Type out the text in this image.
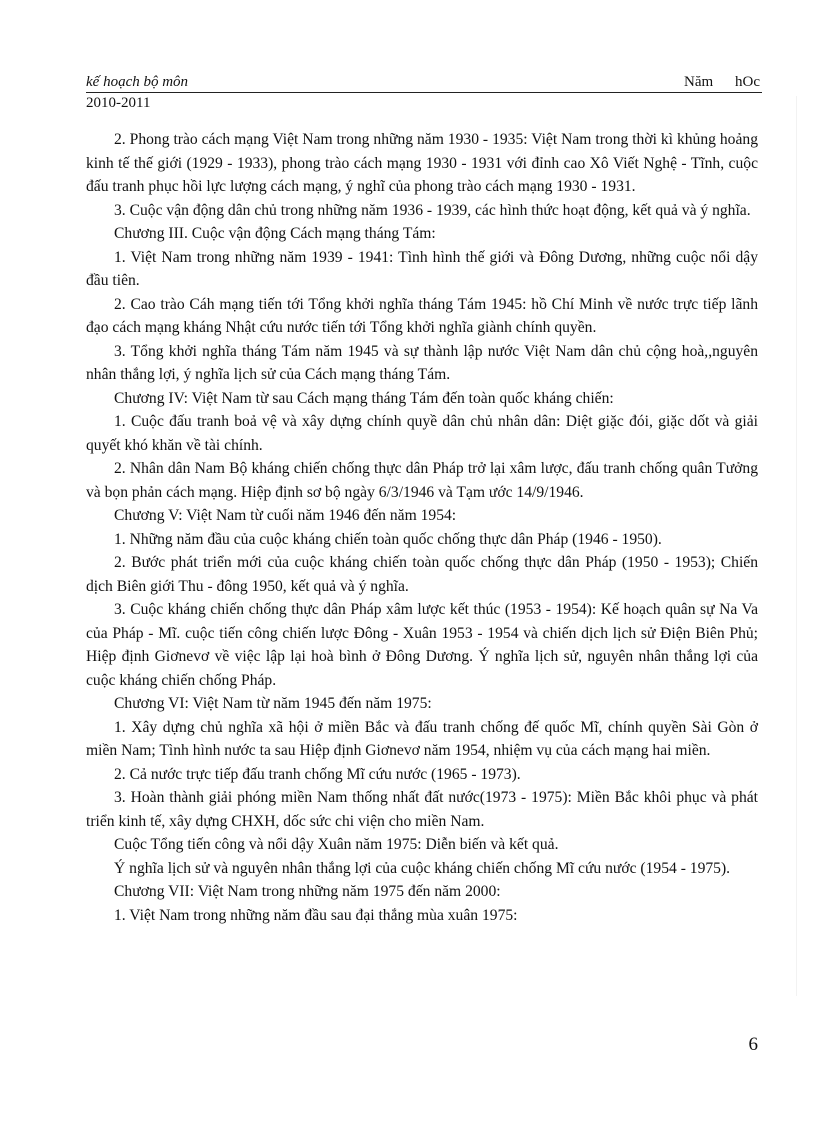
kế hoạch bộ môn	Năm hOc
2010-2011

2. Phong trào cách mạng Việt Nam trong những năm 1930 - 1935: Việt Nam trong thời kì khủng hoảng kinh tế thế giới (1929 - 1933), phong trào cách mạng 1930 - 1931 với đỉnh cao Xô Viết Nghệ - Tĩnh, cuộc đấu tranh phục hồi lực lượng cách mạng, ý nghĩ của phong trào cách mạng 1930 - 1931.

3. Cuộc vận động dân chủ trong những năm 1936 - 1939, các hình thức hoạt động, kết quả và ý nghĩa.

Chương III. Cuộc vận động Cách mạng tháng Tám:

1. Việt Nam trong những năm 1939 - 1941: Tình hình thế giới và Đông Dương, những cuộc nổi dậy đầu tiên.

2. Cao trào Cáh mạng tiến tới Tổng khởi nghĩa tháng Tám 1945: hồ Chí Minh về nước trực tiếp lãnh đạo cách mạng kháng Nhật cứu nước tiến tới Tổng khởi nghĩa giành chính quyền.

3. Tổng khởi nghĩa tháng Tám năm 1945 và sự thành lập nước Việt Nam dân chủ cộng hoà,,nguyên nhân thắng lợi, ý nghĩa lịch sử của Cách mạng tháng Tám.

Chương IV: Việt Nam từ sau Cách mạng tháng Tám đến toàn quốc kháng chiến:

1. Cuộc đấu tranh boả vệ và xây dựng chính quyề dân chủ nhân dân: Diệt giặc đói, giặc dốt và giải quyết khó khăn về tài chính.

2. Nhân dân Nam Bộ kháng chiến chống thực dân Pháp trở lại xâm lược, đấu tranh chống quân Tưởng và bọn phản cách mạng. Hiệp định sơ bộ ngày 6/3/1946 và Tạm ước 14/9/1946.

Chương V: Việt Nam từ cuối năm 1946 đến năm 1954:

1. Những năm đầu của cuộc kháng chiến toàn quốc chống thực dân Pháp (1946 - 1950).

2. Bước phát triển mới của cuộc kháng chiến toàn quốc chống thực dân Pháp (1950 - 1953); Chiến dịch Biên giới Thu - đông 1950, kết quả và ý nghĩa.

3. Cuộc kháng chiến chống thực dân Pháp xâm lược kết thúc (1953 - 1954): Kế hoạch quân sự Na Va của Pháp - Mĩ. cuộc tiến công chiến lược Đông - Xuân 1953 - 1954 và chiến dịch lịch sử Điện Biên Phủ; Hiệp định Giơnevơ về việc lập lại hoà bình ở Đông Dương. Ý nghĩa lịch sử, nguyên nhân thắng lợi của cuộc kháng chiến chống Pháp.

Chương VI: Việt Nam từ năm 1945 đến năm 1975:

1. Xây dựng chủ nghĩa xã hội ở miền Bắc và đấu tranh chống đế quốc Mĩ, chính quyền Sài Gòn ở miền Nam; Tình hình nước ta sau Hiệp định Giơnevơ năm 1954, nhiệm vụ của cách mạng hai miền.

2. Cả nước trực tiếp đấu tranh chống Mĩ cứu nước (1965 - 1973).

3. Hoàn thành giải phóng miền Nam thống nhất đất nước(1973 - 1975): Miền Bắc khôi phục và phát triển kinh tế, xây dựng CHXH, dốc sức chi viện cho miền Nam.

Cuộc Tổng tiến công và nổi dậy Xuân năm 1975: Diễn biến và kết quả.

Ý nghĩa lịch sử và nguyên nhân thắng lợi của cuộc kháng chiến chống Mĩ cứu nước (1954 - 1975).

Chương VII: Việt Nam trong những năm 1975 đến năm 2000:

1. Việt Nam trong những năm đầu sau đại thắng mùa xuân 1975:

6
